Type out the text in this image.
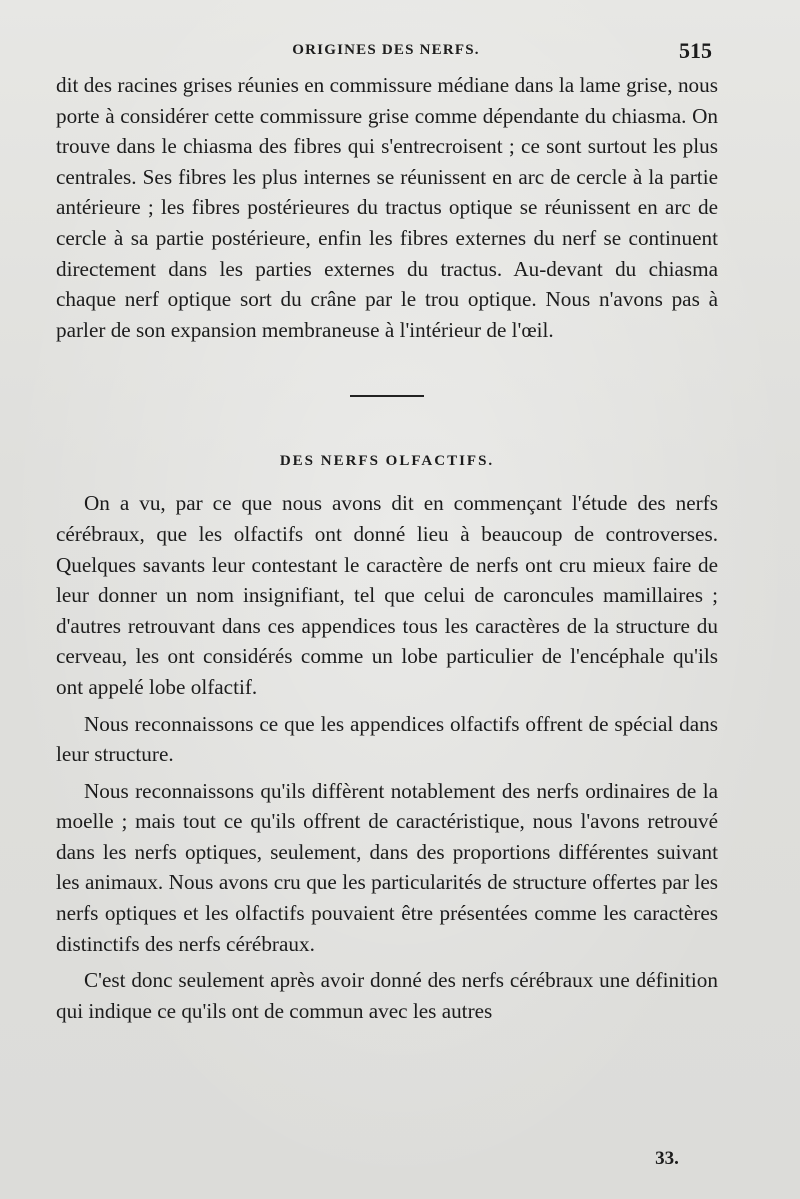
ORIGINES DES NERFS.	515

dit des racines grises réunies en commissure médiane dans la lame grise, nous porte à considérer cette commissure grise comme dépendante du chiasma. On trouve dans le chiasma des fibres qui s'entrecroisent ; ce sont surtout les plus centrales. Ses fibres les plus internes se réunissent en arc de cercle à la partie antérieure ; les fibres postérieures du tractus optique se réunissent en arc de cercle à sa partie postérieure, enfin les fibres externes du nerf se continuent directement dans les parties externes du tractus. Au-devant du chiasma chaque nerf optique sort du crâne par le trou optique. Nous n'avons pas à parler de son expansion membraneuse à l'intérieur de l'œil.

DES NERFS OLFACTIFS.

On a vu, par ce que nous avons dit en commençant l'étude des nerfs cérébraux, que les olfactifs ont donné lieu à beaucoup de controverses. Quelques savants leur contestant le caractère de nerfs ont cru mieux faire de leur donner un nom insignifiant, tel que celui de caroncules mamillaires ; d'autres retrouvant dans ces appendices tous les caractères de la structure du cerveau, les ont considérés comme un lobe particulier de l'encéphale qu'ils ont appelé lobe olfactif.

Nous reconnaissons ce que les appendices olfactifs offrent de spécial dans leur structure.

Nous reconnaissons qu'ils diffèrent notablement des nerfs ordinaires de la moelle ; mais tout ce qu'ils offrent de caractéristique, nous l'avons retrouvé dans les nerfs optiques, seulement, dans des proportions différentes suivant les animaux. Nous avons cru que les particularités de structure offertes par les nerfs optiques et les olfactifs pouvaient être présentées comme les caractères distinctifs des nerfs cérébraux.

C'est donc seulement après avoir donné des nerfs cérébraux une définition qui indique ce qu'ils ont de commun avec les autres

33.
